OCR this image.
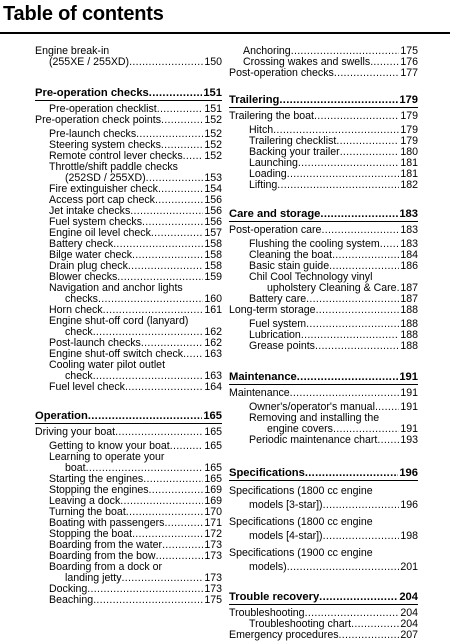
Table of contents
Engine break-in
(255XE / 255XD) .....	150
Pre-operation checks .....	151
Pre-operation checklist .....	151
Pre-operation check points .....	152
Pre-launch checks .....	152
Steering system checks .....	152
Remote control lever checks ..... 152
Throttle/shift paddle checks
(252SD / 255XD) .....	153
Fire extinguisher check .....	154
Access port cap check .....	156
Jet intake checks .....	156
Fuel system checks .....	156
Engine oil level check .....	157
Battery check .....	158
Bilge water check .....	158
Drain plug check .....	158
Blower checks .....	159
Navigation and anchor lights
checks .....	160
Horn check .....	161
Engine shut-off cord (lanyard)
check .....	162
Post-launch checks .....	162
Engine shut-off switch check ..... 163
Cooling water pilot outlet
check .....	163
Fuel level check .....	164
Operation .....	165
Driving your boat .....	165
Getting to know your boat .....	165
Learning to operate your
boat .....	165
Starting the engines .....	165
Stopping the engines .....	169
Leaving a dock .....	169
Turning the boat .....	170
Boating with passengers .....	171
Stopping the boat .....	172
Boarding from the water .....	173
Boarding from the bow .....	173
Boarding from a dock or
landing jetty .....	173
Docking .....	173
Beaching .....	175
Anchoring .....	175
Crossing wakes and swells .....	176
Post-operation checks .....	177
Trailering .....	179
Trailering the boat .....	179
Hitch .....	179
Trailering checklist .....	179
Backing your trailer .....	180
Launching .....	181
Loading .....	181
Lifting .....	182
Care and storage .....	183
Post-operation care .....	183
Flushing the cooling system ..... 183
Cleaning the boat .....	184
Basic stain guide .....	186
Chil Cool Technology vinyl
upholstery Cleaning & Care ..... 187
Battery care .....	187
Long-term storage .....	188
Fuel system .....	188
Lubrication .....	188
Grease points .....	188
Maintenance .....	191
Maintenance .....	191
Owner's/operator's manual ..... 191
Removing and installing the
engine covers .....	191
Periodic maintenance chart ..... 193
Specifications .....	196
Specifications (1800 cc engine
models [3-star]) .....	196
Specifications (1800 cc engine
models [4-star]) .....	198
Specifications (1900 cc engine
models) .....	201
Trouble recovery .....	204
Troubleshooting .....	204
Troubleshooting chart .....	204
Emergency procedures .....	207
